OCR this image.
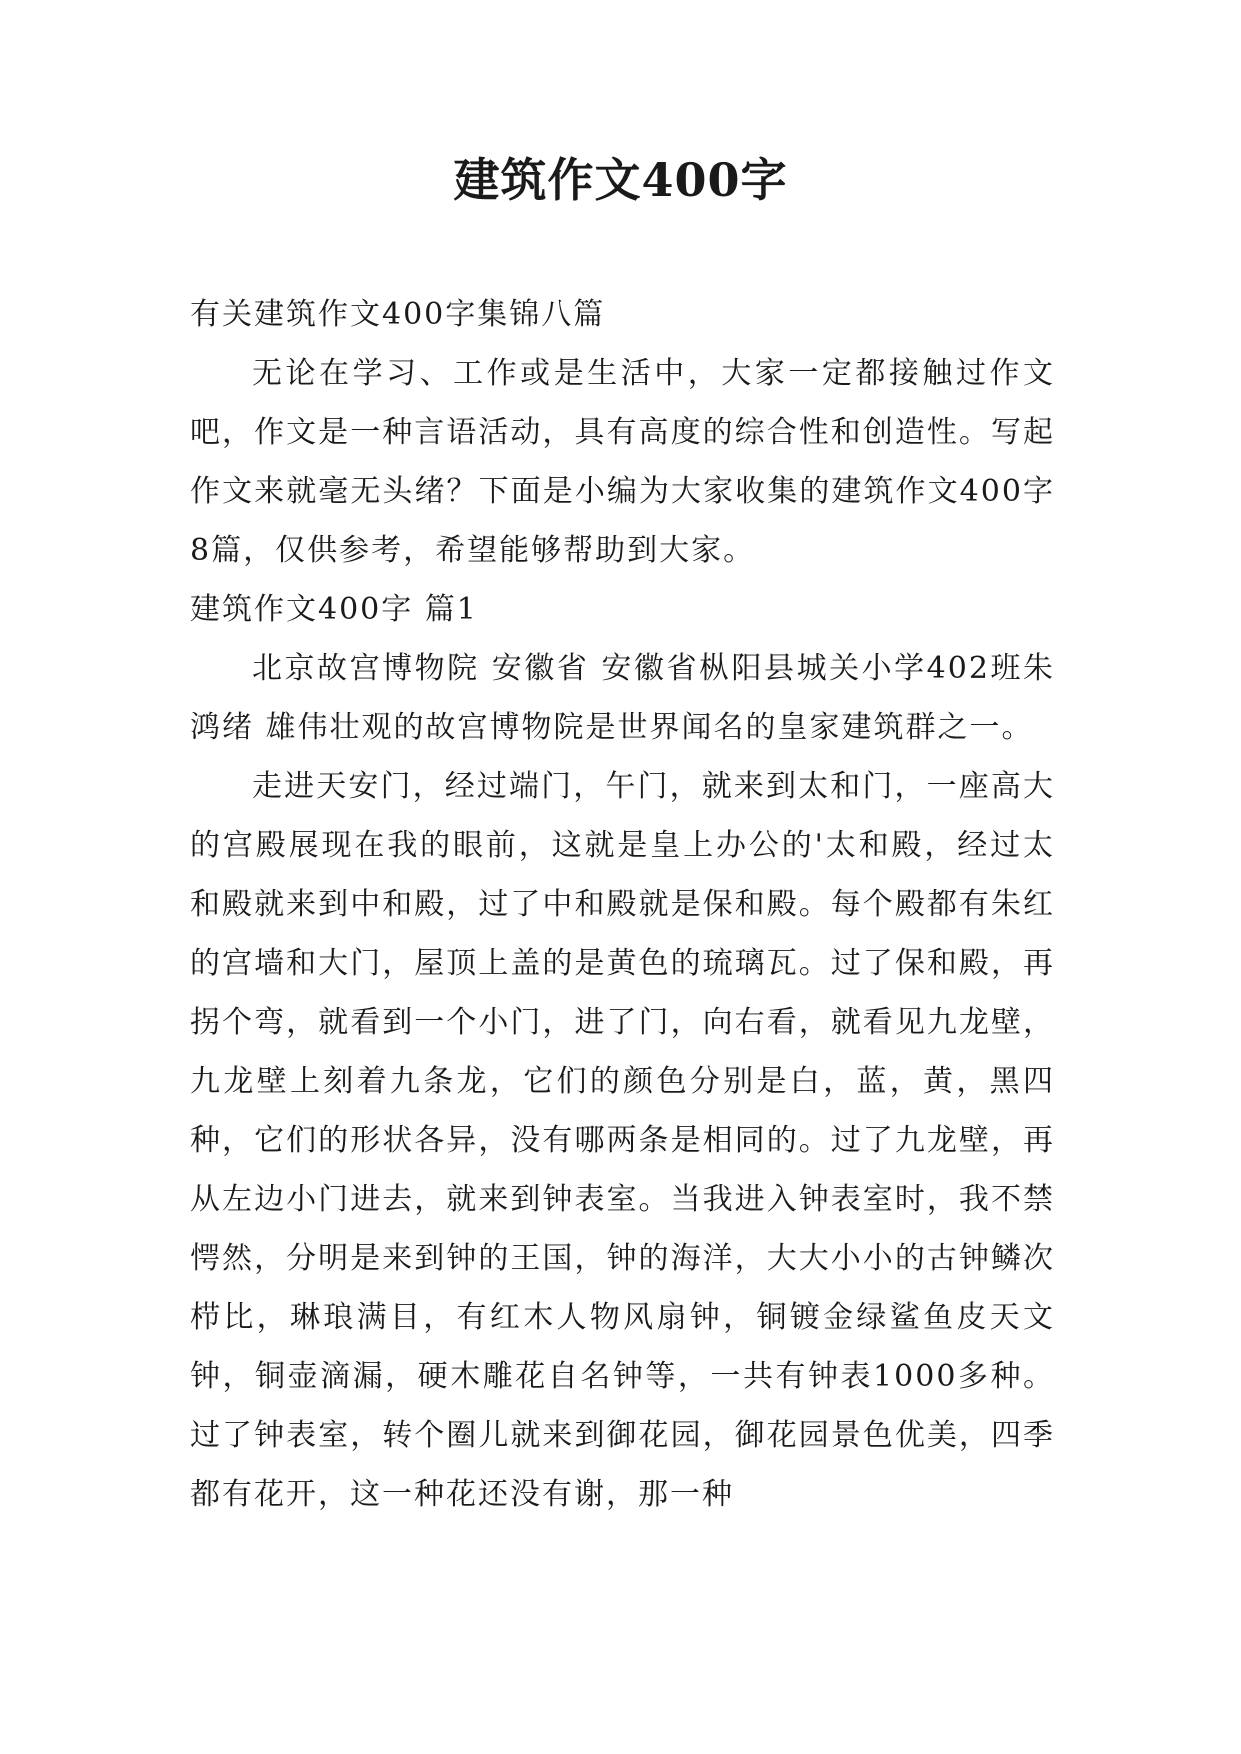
建筑作文400字

有关建筑作文400字集锦八篇

无论在学习、工作或是生活中，大家一定都接触过作文吧，作文是一种言语活动，具有高度的综合性和创造性。写起作文来就毫无头绪？下面是小编为大家收集的建筑作文400字8篇，仅供参考，希望能够帮助到大家。

建筑作文400字 篇1

北京故宫博物院 安徽省 安徽省枞阳县城关小学402班朱鸿绪 雄伟壮观的故宫博物院是世界闻名的皇家建筑群之一。

走进天安门，经过端门，午门，就来到太和门，一座高大的宫殿展现在我的眼前，这就是皇上办公的'太和殿，经过太和殿就来到中和殿，过了中和殿就是保和殿。每个殿都有朱红的宫墙和大门，屋顶上盖的是黄色的琉璃瓦。过了保和殿，再拐个弯，就看到一个小门，进了门，向右看，就看见九龙壁，九龙壁上刻着九条龙，它们的颜色分别是白，蓝，黄，黑四种，它们的形状各异，没有哪两条是相同的。过了九龙壁，再从左边小门进去，就来到钟表室。当我进入钟表室时，我不禁愕然，分明是来到钟的王国，钟的海洋，大大小小的古钟鳞次栉比，琳琅满目，有红木人物风扇钟，铜镀金绿鲨鱼皮天文钟，铜壶滴漏，硬木雕花自名钟等，一共有钟表1000多种。过了钟表室，转个圈儿就来到御花园，御花园景色优美，四季都有花开，这一种花还没有谢，那一种
